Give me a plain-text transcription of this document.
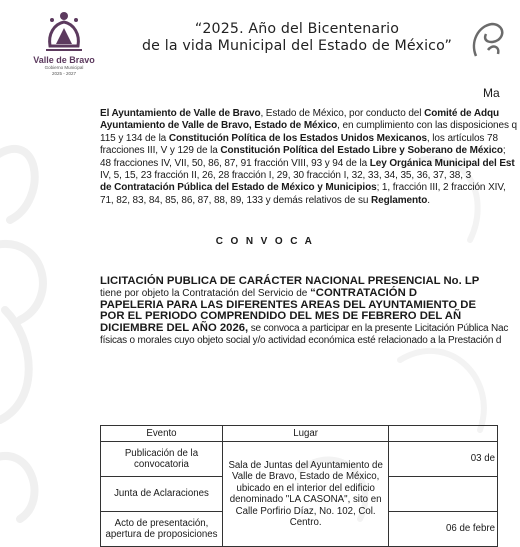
Valle de Bravo
Gobierno Municipal
2025 - 2027
“2025. Año del Bicentenario
de la vida Municipal del Estado de México”
Ma

El Ayuntamiento de Valle de Bravo, Estado de México, por conducto del Comité de Adqu

Ayuntamiento de Valle de Bravo, Estado de México, en cumplimiento con las disposiciones q

115 y 134 de la Constitución Política de los Estados Unidos Mexicanos, los artículos 78

fracciones III, V y 129 de la Constitución Política del Estado Libre y Soberano de México;

48 fracciones IV, VII, 50, 86, 87, 91 fracción VIII, 93 y 94 de la Ley Orgánica Municipal del Est

IV, 5, 15, 23 fracción II, 26, 28 fracción I, 29, 30 fracción I, 32, 33, 34, 35, 36, 37, 38, 3

de Contratación Pública del Estado de México y Municipios; 1, fracción III, 2 fracción XIV,

71, 82, 83, 84, 85, 86, 87, 88, 89, 133 y demás relativos de su Reglamento.

C O N V O C A

LICITACIÓN PUBLICA DE CARÁCTER NACIONAL PRESENCIAL No. LP

tiene por objeto la Contratación del Servicio de “CONTRATACIÓN D

PAPELERIA PARA LAS DIFERENTES AREAS DEL AYUNTAMIENTO DE

POR EL PERIODO COMPRENDIDO DEL MES DE FEBRERO DEL AÑ

DICIEMBRE DEL AÑO 2026, se convoca a participar en la presente Licitación Pública Nac

físicas o morales cuyo objeto social y/o actividad económica esté relacionado a la Prestación d

Evento	Lugar	
Publicación de la convocatoria	Sala de Juntas del Ayuntamiento de Valle de Bravo, Estado de México, ubicado en el interior del edificio denominado "LA CASONA", sito en Calle Porfirio Díaz, No. 102, Col. Centro.	03 de
Junta de Aclaraciones		
Acto de presentación, apertura de proposiciones		06 de febre
